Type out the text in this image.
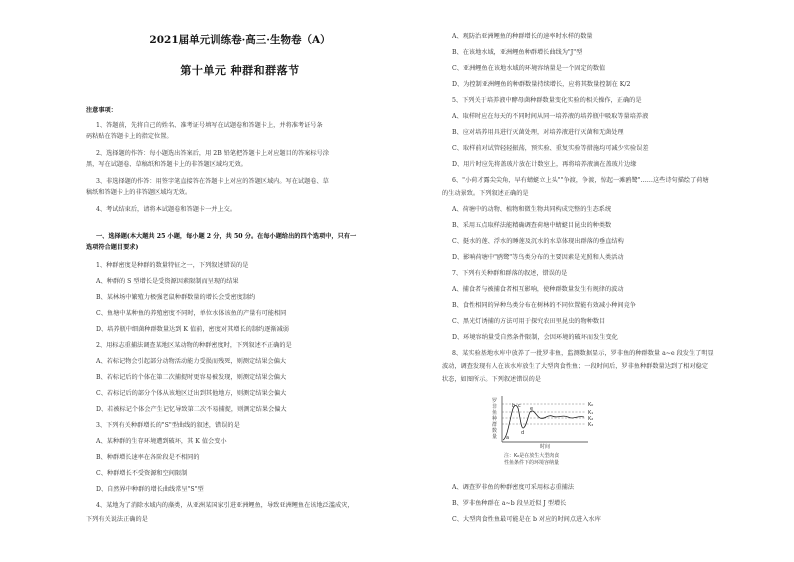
2021届单元训练卷·高三·生物卷（A）
第十单元 种群和群落节
注意事项：
1、答题前，先将自己的姓名、准考证号填写在试题卷和答题卡上，并将准考证号条
码粘贴在答题卡上的指定位置。
2、选择题的作答：每小题选出答案后，用 2B 铅笔把答题卡上对应题目的答案标号涂
黑，写在试题卷、草稿纸和答题卡上的非答题区域均无效。
3、非选择题的作答：用签字笔直接答在答题卡上对应的答题区域内。写在试题卷、草
稿纸和答题卡上的非答题区域均无效。
4、考试结束后，请将本试题卷和答题卡一并上交。
一、选择题(本大题共 25 小题，每小题 2 分，共 50 分。在每小题给出的四个选项中，只有一
选项符合题目要求)
1、种群密度是种群的数量特征之一，下列叙述错误的是
A、种群的 S 型增长是受资源因素限制而呈现的结果
B、某林场中繁殖力极强老鼠种群数量的增长会受密度制约
C、鱼塘中某种鱼的养殖密度不同时，单位水体该鱼的产量有可能相同
D、培养瓶中细菌种群数量达到 K 值前，密度对其增长的制约逐渐减弱
2、用标志重捕法调查某地区某动物的种群密度时，下列叙述不正确的是
A、若标记物会引起部分动物活动能力受损而残死，则测定结果会偏大
B、若标记后的个体在第二次捕捉时更容易被发现，则测定结果会偏大
C、若标记后的部分个体从该地区迁出到其他地方，则测定结果会偏大
D、若被标记个体会产生记忆导致第二次不易捕捉，则测定结果会偏大
3、下列有关种群增长的"S"型曲线的叙述，错误的是
A、某种群的生存环境遭到破坏，其 K 值会变小
B、种群增长速率在各阶段是不相同的
C、种群增长不受资源和空间限制
D、自然界中种群的增长曲线常呈"S"型
4、某地为了消除水域内的藻类，从亚洲某国家引进亚洲鲤鱼，导致亚洲鲤鱼在该地泛滥成灾，
下列有关说法正确的是
A、观防治亚洲鲤鱼的种群增长的速率时水样的数量
B、在该地水域，亚洲鲤鱼种群增长曲线为"J"型
C、亚洲鲤鱼在该地水域的环境容纳量是一个固定的数值
D、为控制亚洲鲤鱼的种群数量持续增长，应将其数量控制在 K/2
5、下列关于培养液中酵母菌种群数量变化实验的相关操作，正确的是
A、取样时应在每天的不同时间从同一培养液的培养瓶中吸取等量培养液
B、应对培养用具进行灭菌处理，对培养液进行灭菌和无菌处理
C、取样前对试管轻轻振荡，预实验、重复实验等措施均可减少实验误差
D、用片时应先将盖玻片放在计数室上，再将培养液滴在盖玻片边缘
6、"小荷才露尖尖角，早有蜻蜓立上头""争渡，争渡，惊起一滩鸥鹭"……这些诗句描绘了荷塘
的生动景致。下列叙述正确的是
A、荷塘中的动物、植物和微生物共同构成完整的生态系统
B、采用五点取样法能精确调查荷塘中蜻蜓目昆虫的种类数
C、挺水的莲、浮水的睡莲及沉水的水草体现出群落的垂直结构
D、影响荷塘中"鸥鹭"等鸟类分布的主要因素是光照和人类活动
7、下列有关种群和群落的叙述，错误的是
A、捕食者与被捕食者相互影响，使种群数量发生有规律的波动
B、食性相同的异种鸟类分布在树林的不同位置能有效减小种间竞争
C、黑光灯诱捕的方法可用于探究农田里昆虫的物种数目
D、环境容纳量受自然条件限制，会因环境的破坏而发生变化
8、某实验基地水库中放养了一批罗非鱼，监测数据显示，罗非鱼的种群数量 a~e 段发生了明显
波动，调查发现有人在该水库放生了大型肉食性鱼；一段时间后，罗非鱼种群数量达到了相对稳定
状态，如图所示。下列叙述错误的是
罗
非
鱼
种
群
数
量
K₀
K₁
K₂
K₃
a
b c
d
e
时间
注：K₀是在放生大型肉食
性鱼条件下的环境容纳量
A、调查罗非鱼的种群密度可采用标志重捕法
B、罗非鱼种群在 a~b 段呈近似 J 型增长
C、大型肉食性鱼最可能是在 b 对应的时间点进入水库
